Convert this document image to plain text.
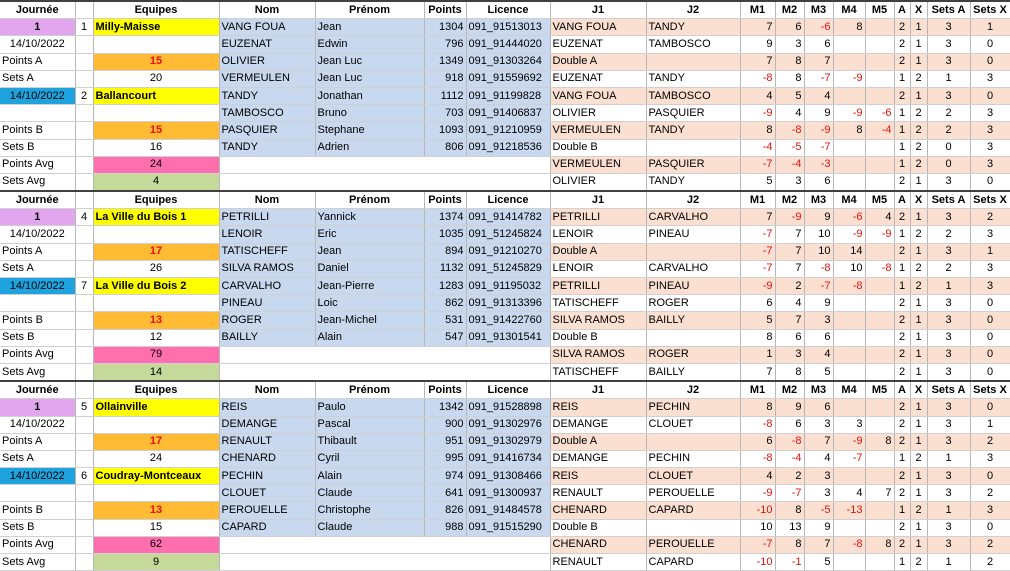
Journée		Equipes	Nom	Prénom	Points	Licence	J1	J2	M1	M2	M3	M4	M5	A	X	Sets A	Sets X
1	1	Milly-Maisse	VANG FOUA	Jean	1304	091_91513013	VANG FOUA	TANDY	7	6	-6	8		2	1	3	1
14/10/2022			EUZENAT	Edwin	796	091_91444020	EUZENAT	TAMBOSCO	9	3	6			2	1	3	0
Points A		15	OLIVIER	Jean Luc	1349	091_91303264	Double A		7	8	7			2	1	3	0
Sets A		20	VERMEULEN	Jean Luc	918	091_91559692	EUZENAT	TANDY	-8	8	-7	-9		1	2	1	3
14/10/2022	2	Ballancourt	TANDY	Jonathan	1112	091_91199828	VANG FOUA	TAMBOSCO	4	5	4			2	1	3	0
			TAMBOSCO	Bruno	703	091_91406837	OLIVIER	PASQUIER	-9	4	9	-9	-6	1	2	2	3
Points B		15	PASQUIER	Stephane	1093	091_91210959	VERMEULEN	TANDY	8	-8	-9	8	-4	1	2	2	3
Sets B		16	TANDY	Adrien	806	091_91218536	Double B		-4	-5	-7			1	2	0	3
Points Avg		24					VERMEULEN	PASQUIER	-7	-4	-3			1	2	0	3
Sets Avg		4					OLIVIER	TANDY	5	3	6			2	1	3	0
Journée		Equipes	Nom	Prénom	Points	Licence	J1	J2	M1	M2	M3	M4	M5	A	X	Sets A	Sets X
1	4	La Ville du Bois 1	PETRILLI	Yannick	1374	091_91414782	PETRILLI	CARVALHO	7	-9	9	-6	4	2	1	3	2
14/10/2022			LENOIR	Eric	1035	091_51245824	LENOIR	PINEAU	-7	7	10	-9	-9	1	2	2	3
Points A		17	TATISCHEFF	Jean	894	091_91210270	Double A		-7	7	10	14		2	1	3	1
Sets A		26	SILVA RAMOS	Daniel	1132	091_51245829	LENOIR	CARVALHO	-7	7	-8	10	-8	1	2	2	3
14/10/2022	7	La Ville du Bois 2	CARVALHO	Jean-Pierre	1283	091_91195032	PETRILLI	PINEAU	-9	2	-7	-8		1	2	1	3
			PINEAU	Loic	862	091_91313396	TATISCHEFF	ROGER	6	4	9			2	1	3	0
Points B		13	ROGER	Jean-Michel	531	091_91422760	SILVA RAMOS	BAILLY	5	7	3			2	1	3	0
Sets B		12	BAILLY	Alain	547	091_91301541	Double B		8	6	6			2	1	3	0
Points Avg		79					SILVA RAMOS	ROGER	1	3	4			2	1	3	0
Sets Avg		14					TATISCHEFF	BAILLY	7	8	5			2	1	3	0
Journée		Equipes	Nom	Prénom	Points	Licence	J1	J2	M1	M2	M3	M4	M5	A	X	Sets A	Sets X
1	5	Ollainville	REIS	Paulo	1342	091_91528898	REIS	PECHIN	8	9	6			2	1	3	0
14/10/2022			DEMANGE	Pascal	900	091_91302976	DEMANGE	CLOUET	-8	6	3	3		2	1	3	1
Points A		17	RENAULT	Thibault	951	091_91302979	Double A		6	-8	7	-9	8	2	1	3	2
Sets A		24	CHENARD	Cyril	995	091_91416734	DEMANGE	PECHIN	-8	-4	4	-7		1	2	1	3
14/10/2022	6	Coudray-Montceaux	PECHIN	Alain	974	091_91308466	REIS	CLOUET	4	2	3			2	1	3	0
			CLOUET	Claude	641	091_91300937	RENAULT	PEROUELLE	-9	-7	3	4	7	2	1	3	2
Points B		13	PEROUELLE	Christophe	826	091_91484578	CHENARD	CAPARD	-10	8	-5	-13		1	2	1	3
Sets B		15	CAPARD	Claude	988	091_91515290	Double B		10	13	9			2	1	3	0
Points Avg		62					CHENARD	PEROUELLE	-7	8	7	-8	8	2	1	3	2
Sets Avg		9					RENAULT	CAPARD	-10	-1	5			1	2	1	2
